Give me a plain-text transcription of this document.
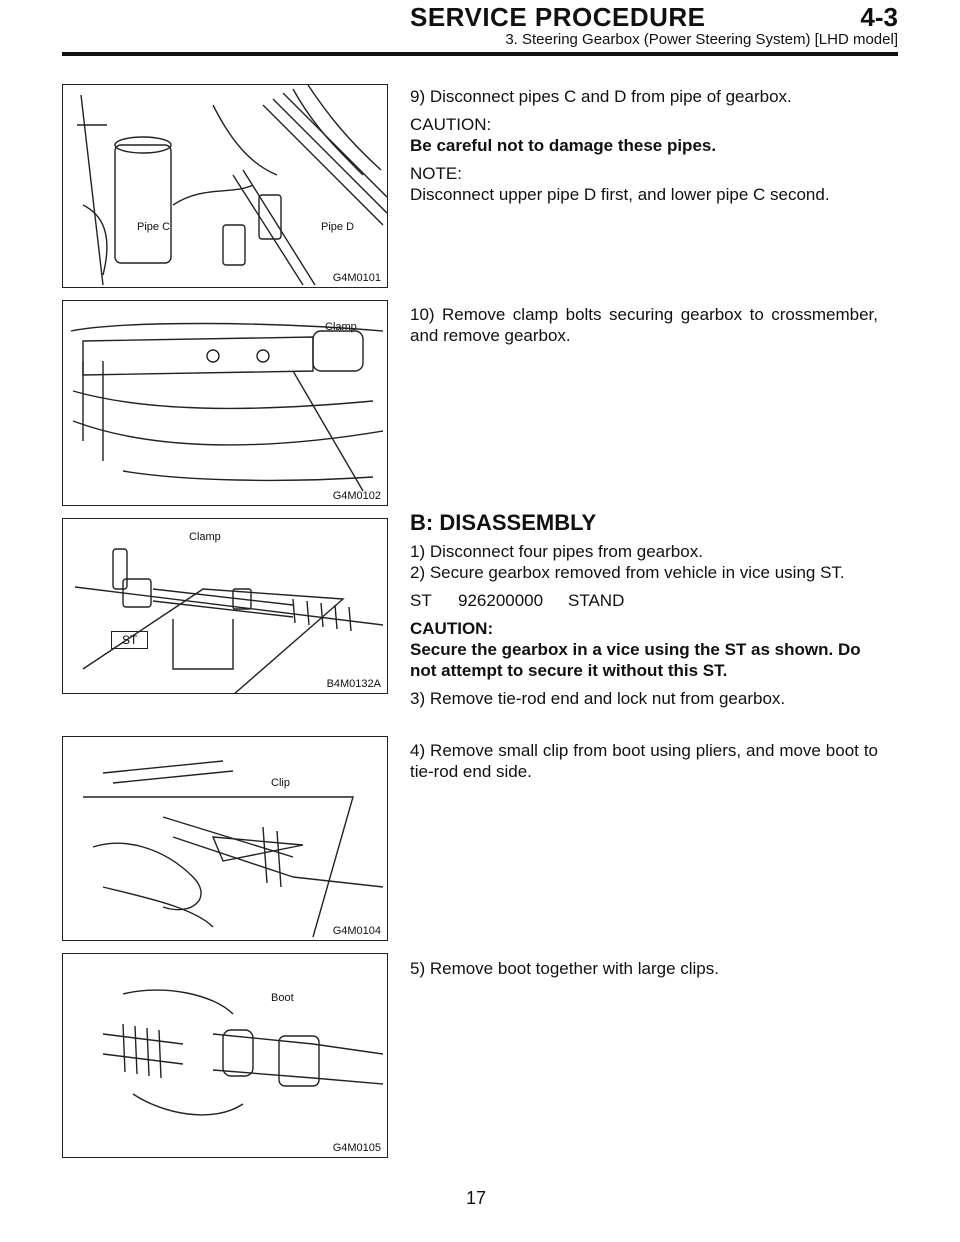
SERVICE PROCEDURE	4-3
3. Steering Gearbox (Power Steering System) [LHD model]
Pipe C	Pipe D
G4M0101
Clamp
G4M0102
Clamp
ST
B4M0132A
Clip
G4M0104
Boot
G4M0105

9) Disconnect pipes C and D from pipe of gearbox.

CAUTION:

Be careful not to damage these pipes.

NOTE:

Disconnect upper pipe D first, and lower pipe C second.

10) Remove clamp bolts securing gearbox to crossmember, and remove gearbox.

B: DISASSEMBLY

1) Disconnect four pipes from gearbox.

2) Secure gearbox removed from vehicle in vice using ST.

ST 926200000 STAND

CAUTION:

Secure the gearbox in a vice using the ST as shown. Do not attempt to secure it without this ST.

3) Remove tie-rod end and lock nut from gearbox.

4) Remove small clip from boot using pliers, and move boot to tie-rod end side.

5) Remove boot together with large clips.

17
